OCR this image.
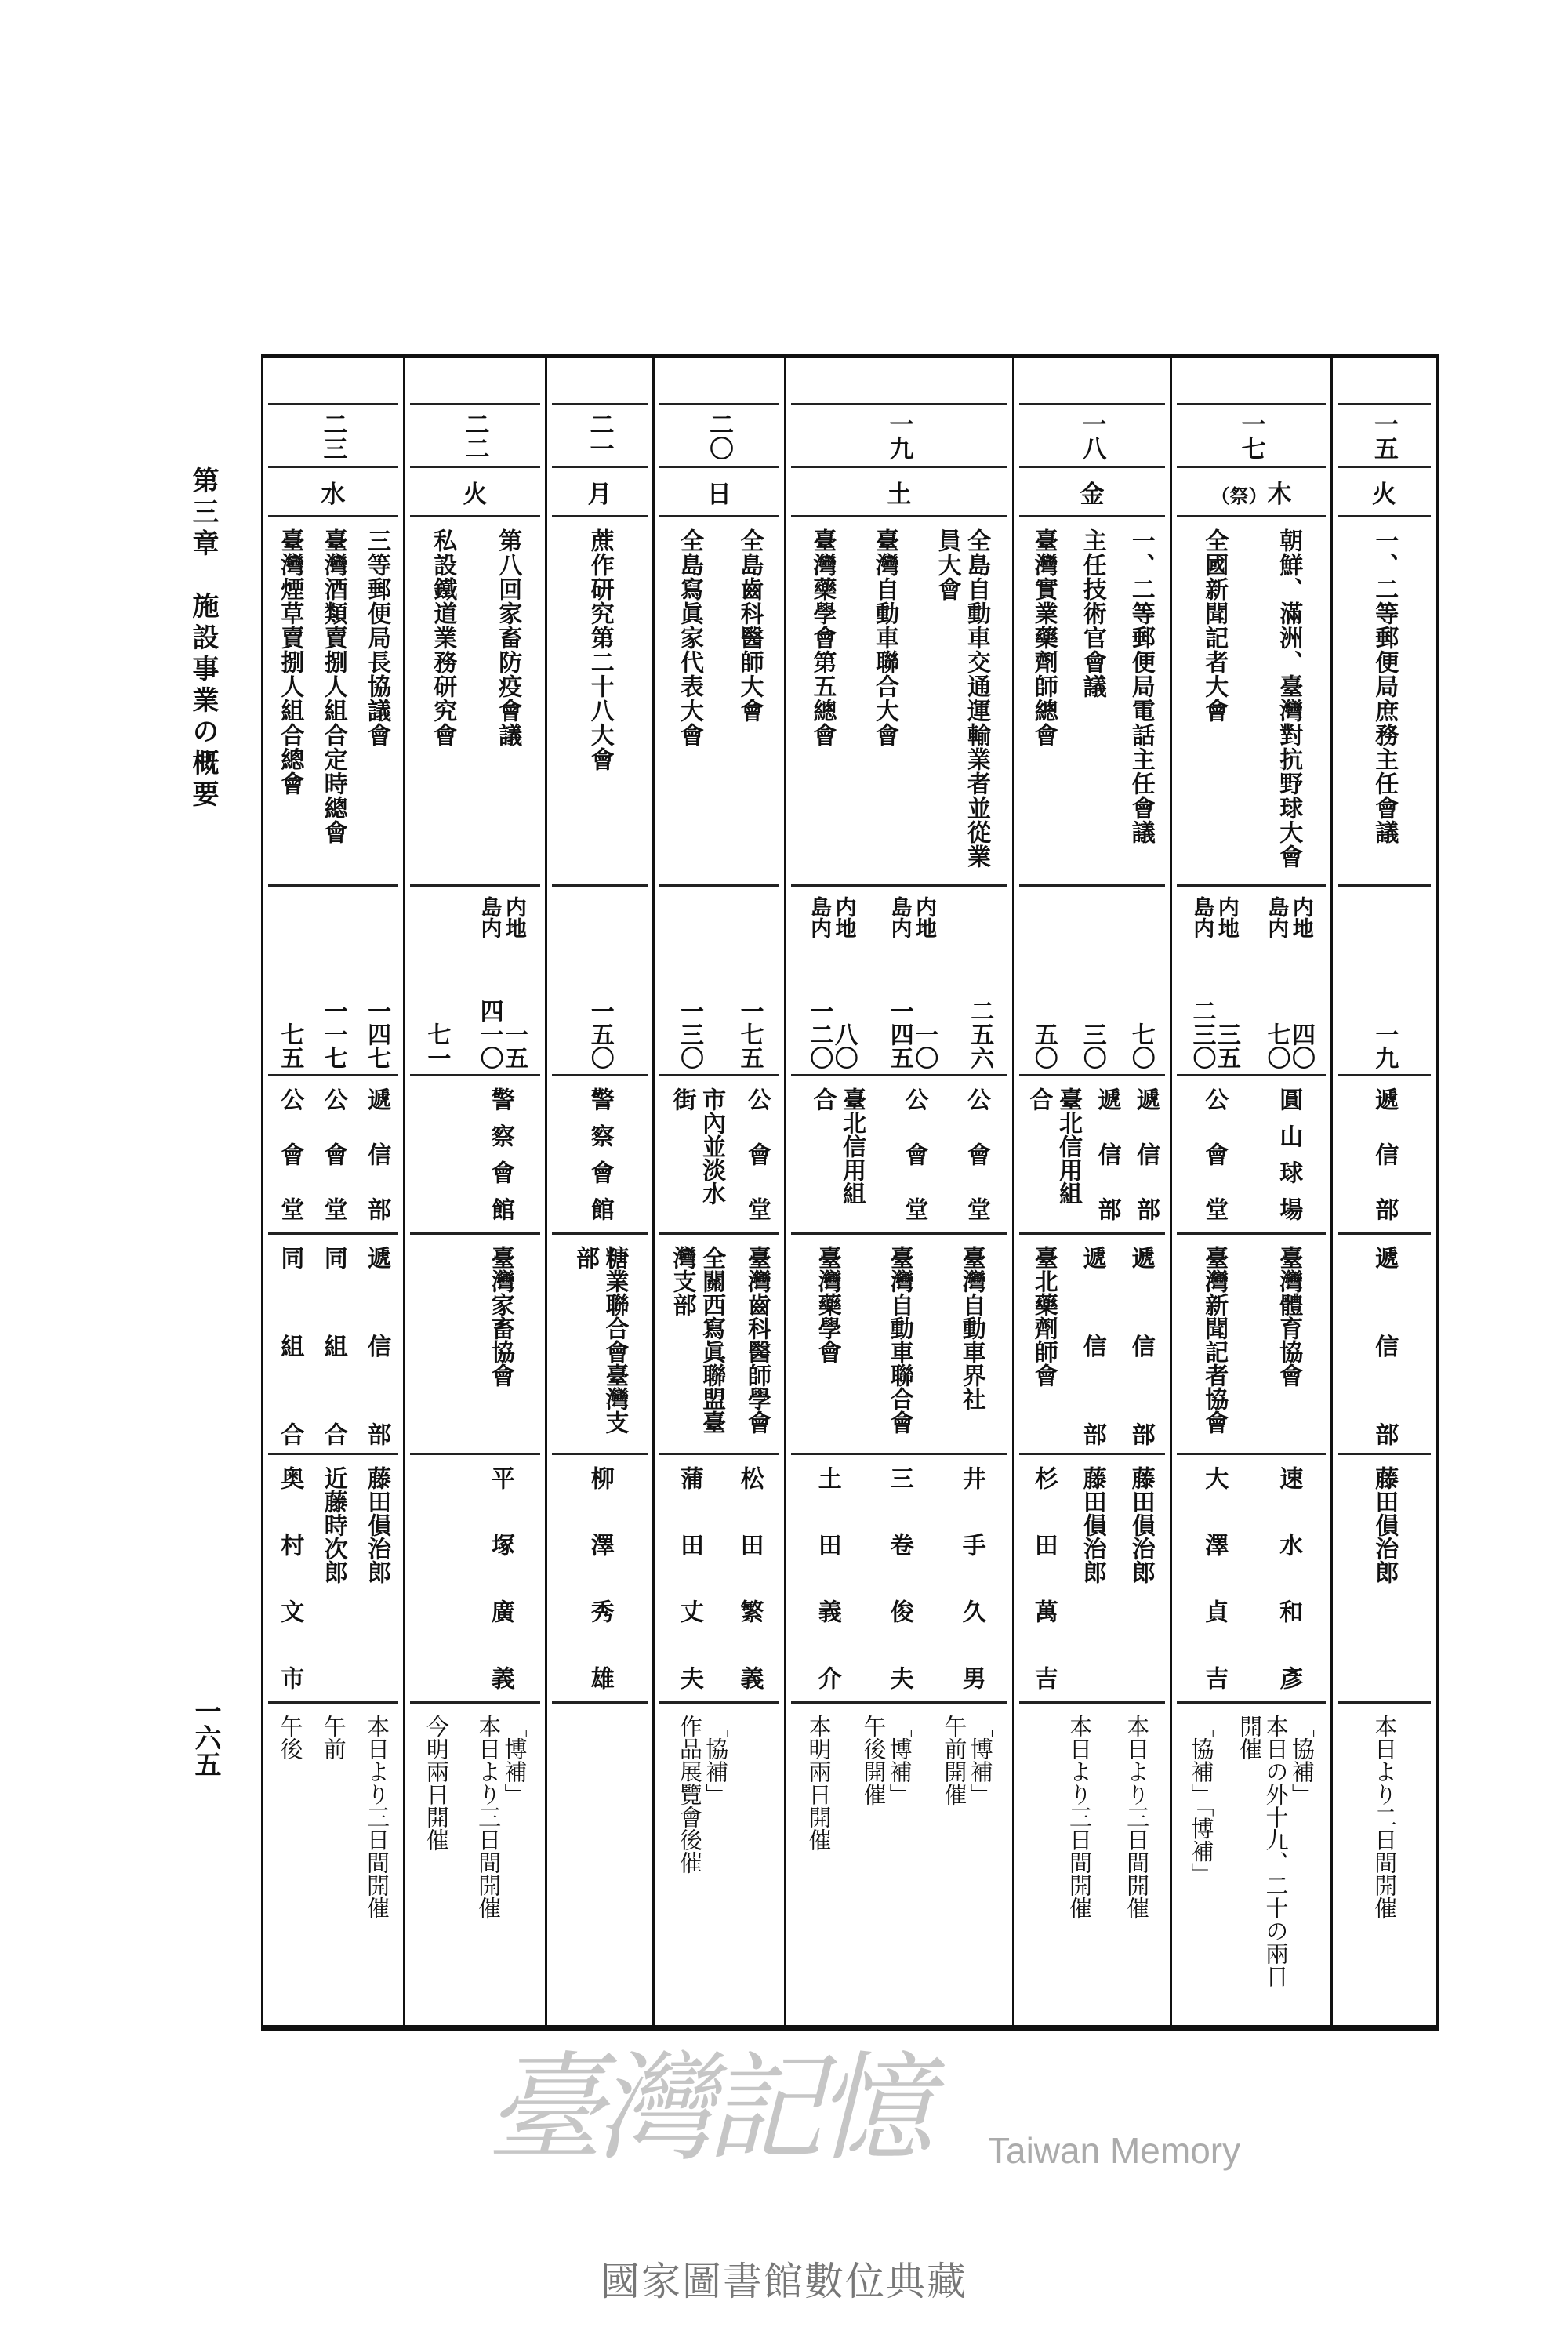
第三章　施設事業の概要
一六五
一五
火
一、二等郵便局庶務主任會議
一九
遞信部
遞信部
藤田傊治郎
本日より二日間開催
一七
（祭）木
朝鮮、滿洲、臺灣對抗野球大會
全國新聞記者大會
内地
四〇
島内
七〇
内地
三五
島内
二三〇
圓山球場
公會堂
臺灣體育協會
臺灣新聞記者協會
速水和彥
大澤貞吉
「協補」
本日の外十九、二十の兩日
開催
「協補」「博補」
一八
金
一、二等郵便局電話主任會議
主任技術官會議
臺灣實業藥劑師總會
七〇
三〇
五〇
遞信部
遞信部
臺北信用組合
遞信部
遞信部
臺北藥劑師會
藤田傊治郎
藤田傊治郎
杉田萬吉
本日より三日間開催
本日より三日間開催
一九
土
全島自動車交通運輸業者並從業員大會
臺灣自動車聯合大會
臺灣藥學會第五總會
二五六
内地
一〇
島内
一四五
内地
八〇
島内
一二〇
公會堂
公會堂
臺北信用組合
臺灣自動車界社
臺灣自動車聯合會
臺灣藥學會
井手久男
三卷俊夫
土田義介
「博補」
午前開催
「博補」
午後開催
本明兩日開催
二〇
日
全島齒科醫師大會
全島寫眞家代表大會
一七五
一三〇
公會堂
市內並淡水街
臺灣齒科醫師學會
全關西寫眞聯盟臺灣支部
松田繁義
蒲田丈夫
「協補」
作品展覽會後催
二一
月
蔗作研究第二十八大會
一五〇
警察會館
糖業聯合會臺灣支部
柳澤秀雄
二二
火
第八回家畜防疫會議
私設鐵道業務研究會
内地
一五
島内
四一〇
七一
警察會館
臺灣家畜協會
平塚廣義
「博補」
本日より三日間開催
今明兩日開催
二三
水
三等郵便局長協議會
臺灣酒類賣捌人組合定時總會
臺灣煙草賣捌人組合總會
一四七
一一七
七五
遞信部
公會堂
公會堂
遞信部
同組合
同組合
藤田傊治郎
近藤時次郎
奥村文市
本日より三日間開催
午前
午後
臺灣記憶 Taiwan Memory
國家圖書館數位典藏
